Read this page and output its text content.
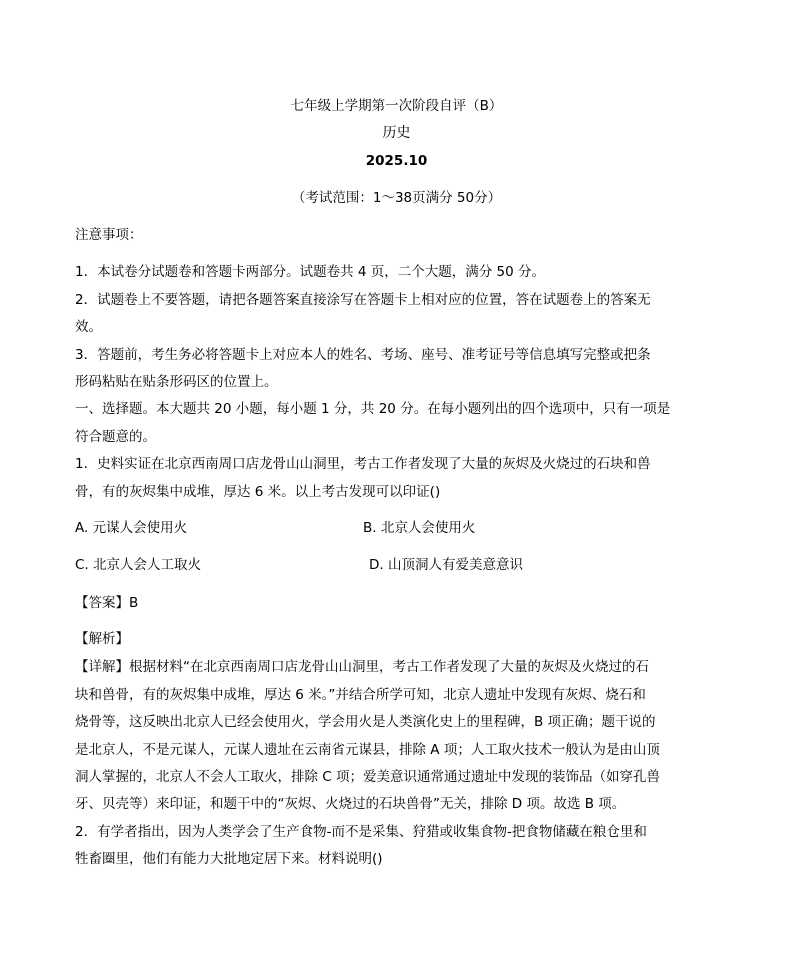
七年级上学期第一次阶段自评（B）
历史
2025.10
（考试范围：1～38页满分 50分）
注意事项：
1．本试卷分试题卷和答题卡两部分。试题卷共 4 页，二个大题，满分 50 分。
2．试题卷上不要答题，请把各题答案直接涂写在答题卡上相对应的位置，答在试题卷上的答案无
效。
3．答题前，考生务必将答题卡上对应本人的姓名、考场、座号、准考证号等信息填写完整或把条
形码粘贴在贴条形码区的位置上。
一、选择题。本大题共 20 小题，每小题 1 分，共 20 分。在每小题列出的四个选项中，只有一项是
符合题意的。
1．史料实证在北京西南周口店龙骨山山洞里，考古工作者发现了大量的灰烬及火烧过的石块和兽
骨，有的灰烬集中成堆，厚达 6 米。以上考古发现可以印证()
A. 元谋人会使用火	B. 北京人会使用火
C. 北京人会人工取火	D. 山顶洞人有爱美意意识
【答案】B
【解析】
【详解】根据材料“在北京西南周口店龙骨山山洞里，考古工作者发现了大量的灰烬及火烧过的石
块和兽骨，有的灰烬集中成堆，厚达 6 米。”并结合所学可知，北京人遗址中发现有灰烬、烧石和
烧骨等，这反映出北京人已经会使用火，学会用火是人类演化史上的里程碑，B 项正确；题干说的
是北京人，不是元谋人，元谋人遗址在云南省元谋县，排除 A 项；人工取火技术一般认为是由山顶
洞人掌握的，北京人不会人工取火，排除 C 项；爱美意识通常通过遗址中发现的装饰品（如穿孔兽
牙、贝壳等）来印证，和题干中的“灰烬、火烧过的石块兽骨”无关，排除 D 项。故选 B 项。
2．有学者指出，因为人类学会了生产食物-而不是采集、狩猎或收集食物-把食物储藏在粮仓里和
牲畜圈里，他们有能力大批地定居下来。材料说明()
